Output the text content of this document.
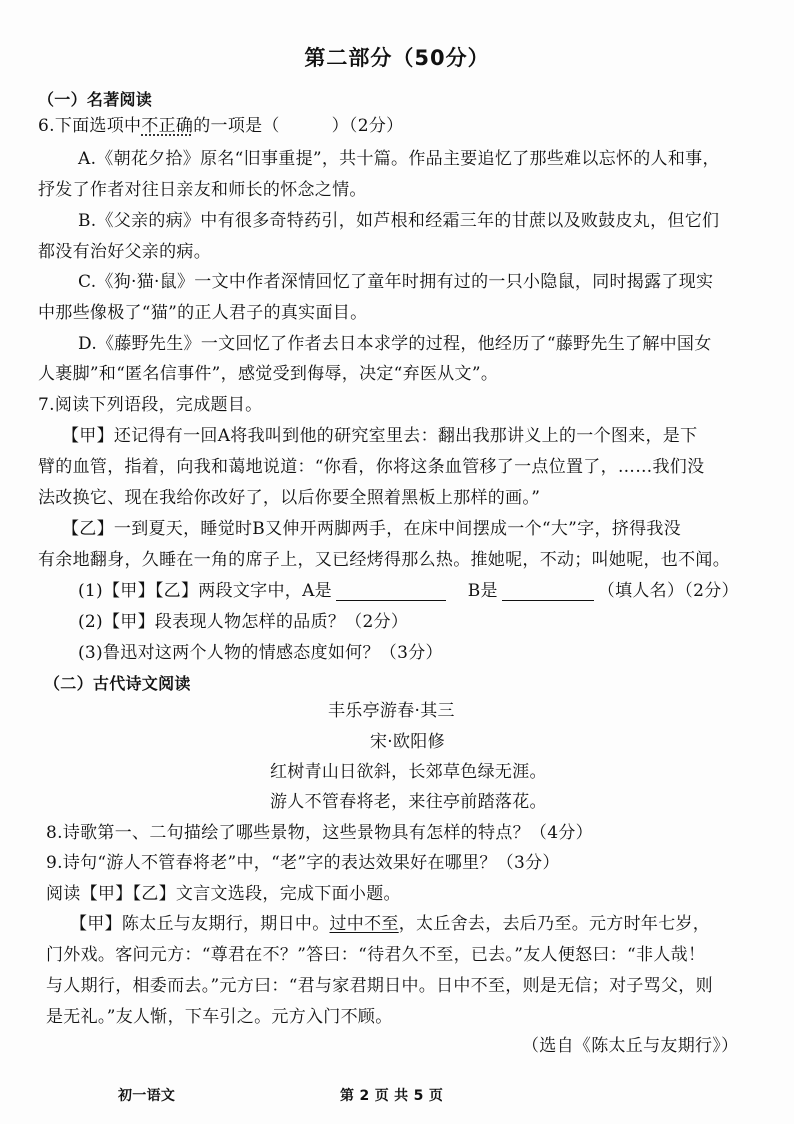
第二部分（50分）
（一）名著阅读
6.下面选项中不正确的一项是（　　　）（2分）
A.《朝花夕拾》原名“旧事重提”，共十篇。作品主要追忆了那些难以忘怀的人和事，
抒发了作者对往日亲友和师长的怀念之情。
B.《父亲的病》中有很多奇特药引，如芦根和经霜三年的甘蔗以及败鼓皮丸，但它们
都没有治好父亲的病。
C.《狗·猫·鼠》一文中作者深情回忆了童年时拥有过的一只小隐鼠，同时揭露了现实
中那些像极了“猫”的正人君子的真实面目。
D.《藤野先生》一文回忆了作者去日本求学的过程，他经历了“藤野先生了解中国女
人裹脚”和“匿名信事件”，感觉受到侮辱，决定“弃医从文”。
7.阅读下列语段，完成题目。
【甲】还记得有一回A将我叫到他的研究室里去：翻出我那讲义上的一个图来，是下
臂的血管，指着，向我和蔼地说道：“你看，你将这条血管移了一点位置了，……我们没
法改换它、现在我给你改好了，以后你要全照着黑板上那样的画。”
【乙】一到夏天，睡觉时B又伸开两脚两手，在床中间摆成一个“大”字，挤得我没
有余地翻身，久睡在一角的席子上，又已经烤得那么热。推她呢，不动；叫她呢，也不闻。
(1)【甲】【乙】两段文字中，A是	B是	（填人名）（2分）
(2)【甲】段表现人物怎样的品质？（2分）
(3)鲁迅对这两个人物的情感态度如何？（3分）
（二）古代诗文阅读
丰乐亭游春·其三
宋·欧阳修
红树青山日欲斜，长郊草色绿无涯。
游人不管春将老，来往亭前踏落花。
8.诗歌第一、二句描绘了哪些景物，这些景物具有怎样的特点？（4分）
9.诗句“游人不管春将老”中，“老”字的表达效果好在哪里？（3分）
阅读【甲】【乙】文言文选段，完成下面小题。
【甲】陈太丘与友期行，期日中。过中不至，太丘舍去，去后乃至。元方时年七岁，
门外戏。客问元方：“尊君在不？”答曰：“待君久不至，已去。”友人便怒曰：“非人哉！
与人期行，相委而去。”元方曰：“君与家君期日中。日中不至，则是无信；对子骂父，则
是无礼。”友人惭，下车引之。元方入门不顾。
（选自《陈太丘与友期行》）
初一语文	第 2 页 共 5 页
